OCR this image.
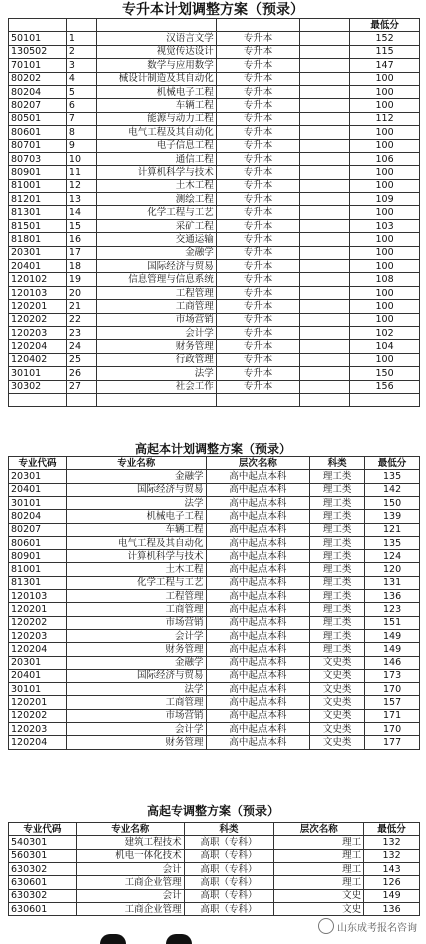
专升本计划调整方案（预录）
					最低分
50101	1	汉语言文学	专升本		152
130502	2	视觉传达设计	专升本		115
70101	3	数学与应用数学	专升本		147
80202	4	械设计制造及其自动化	专升本		100
80204	5	机械电子工程	专升本		100
80207	6	车辆工程	专升本		100
80501	7	能源与动力工程	专升本		112
80601	8	电气工程及其自动化	专升本		100
80701	9	电子信息工程	专升本		100
80703	10	通信工程	专升本		106
80901	11	计算机科学与技术	专升本		100
81001	12	土木工程	专升本		100
81201	13	测绘工程	专升本		109
81301	14	化学工程与工艺	专升本		100
81501	15	采矿工程	专升本		103
81801	16	交通运输	专升本		100
20301	17	金融学	专升本		100
20401	18	国际经济与贸易	专升本		100
120102	19	信息管理与信息系统	专升本		108
120103	20	工程管理	专升本		100
120201	21	工商管理	专升本		100
120202	22	市场营销	专升本		100
120203	23	会计学	专升本		102
120204	24	财务管理	专升本		104
120402	25	行政管理	专升本		100
30101	26	法学	专升本		150
30302	27	社会工作	专升本		156

高起本计划调整方案（预录）
专业代码	专业名称	层次名称	科类	最低分
20301	金融学	高中起点本科	理工类	135
20401	国际经济与贸易	高中起点本科	理工类	142
30101	法学	高中起点本科	理工类	150
80204	机械电子工程	高中起点本科	理工类	139
80207	车辆工程	高中起点本科	理工类	121
80601	电气工程及其自动化	高中起点本科	理工类	135
80901	计算机科学与技术	高中起点本科	理工类	124
81001	土木工程	高中起点本科	理工类	120
81301	化学工程与工艺	高中起点本科	理工类	131
120103	工程管理	高中起点本科	理工类	136
120201	工商管理	高中起点本科	理工类	123
120202	市场营销	高中起点本科	理工类	151
120203	会计学	高中起点本科	理工类	149
120204	财务管理	高中起点本科	理工类	149
20301	金融学	高中起点本科	文史类	146
20401	国际经济与贸易	高中起点本科	文史类	173
30101	法学	高中起点本科	文史类	170
120201	工商管理	高中起点本科	文史类	157
120202	市场营销	高中起点本科	文史类	171
120203	会计学	高中起点本科	文史类	170
120204	财务管理	高中起点本科	文史类	177
高起专调整方案（预录）
专业代码	专业名称	科类	层次名称	最低分
540301	建筑工程技术	高职（专科）	理工	132
560301	机电一体化技术	高职（专科）	理工	132
630302	会计	高职（专科）	理工	143
630601	工商企业管理	高职（专科）	理工	126
630302	会计	高职（专科）	文史	149
630601	工商企业管理	高职（专科）	文史	136
山东成考报名咨询
